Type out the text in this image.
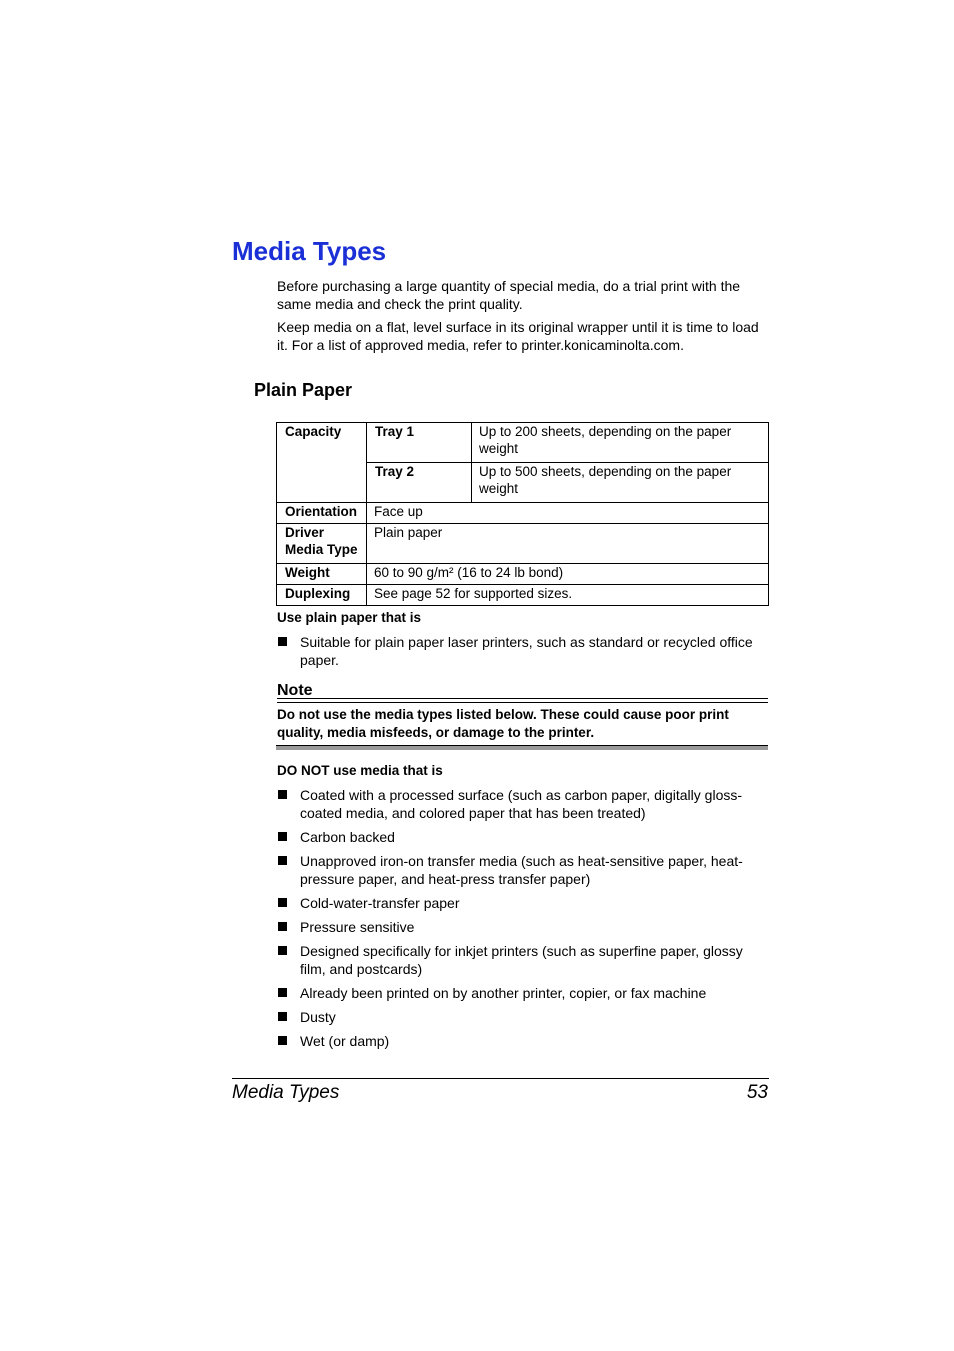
Media Types

Before purchasing a large quantity of special media, do a trial print with the same media and check the print quality.

Keep media on a flat, level surface in its original wrapper until it is time to load it. For a list of approved media, refer to printer.konicaminolta.com.

Plain Paper
Capacity	Tray 1	Up to 200 sheets, depending on the paper weight
	Tray 2	Up to 500 sheets, depending on the paper weight
Orientation	Face up	
Driver
Media Type	Plain paper	
Weight	60 to 90 g/m² (16 to 24 lb bond)	
Duplexing	See page 52 for supported sizes.	

Use plain paper that is

Suitable for plain paper laser printers, such as standard or recycled office paper.
Note

Do not use the media types listed below. These could cause poor print quality, media misfeeds, or damage to the printer.

DO NOT use media that is

Coated with a processed surface (such as carbon paper, digitally gloss-coated media, and colored paper that has been treated)
Carbon backed
Unapproved iron-on transfer media (such as heat-sensitive paper, heat-pressure paper, and heat-press transfer paper)
Cold-water-transfer paper
Pressure sensitive
Designed specifically for inkjet printers (such as superfine paper, glossy film, and postcards)
Already been printed on by another printer, copier, or fax machine
Dusty
Wet (or damp)
Media Types	53
